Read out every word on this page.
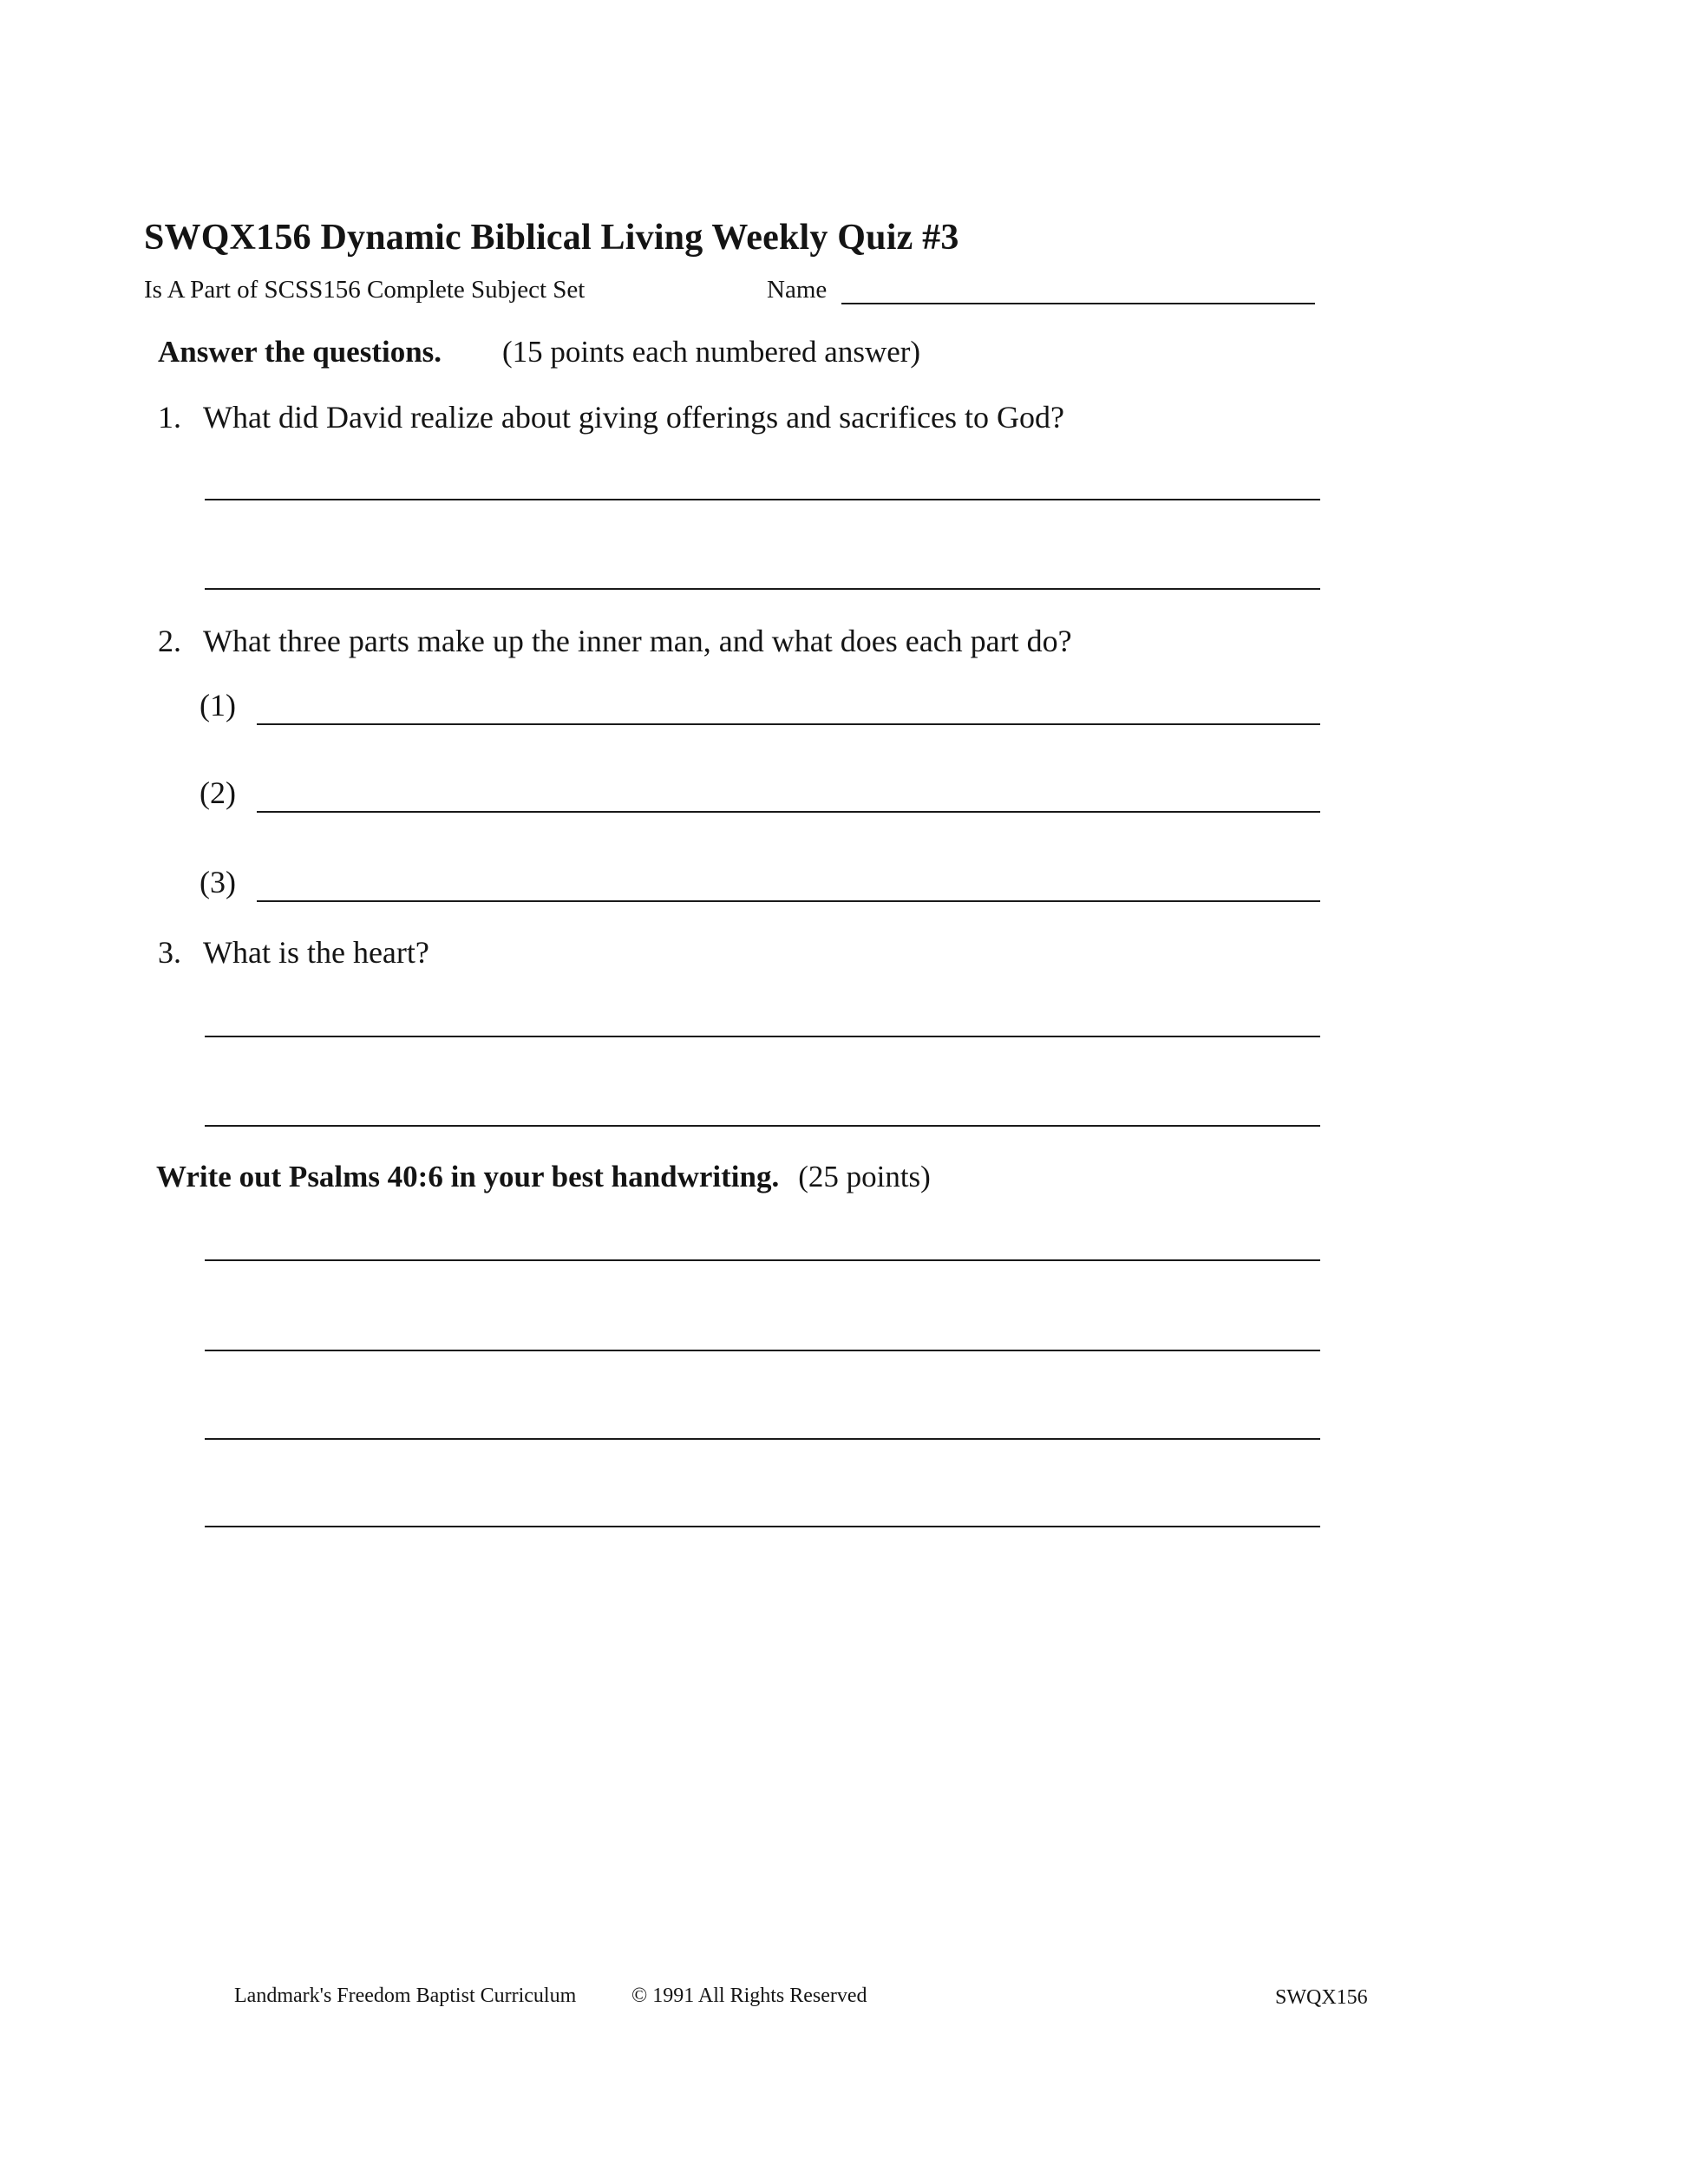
SWQX156 Dynamic Biblical Living Weekly Quiz #3
Is A Part of SCSS156 Complete Subject Set	Name
Answer the questions. (15 points each numbered answer)
1. What did David realize about giving offerings and sacrifices to God?
2. What three parts make up the inner man, and what does each part do?
(1)
(2)
(3)
3. What is the heart?
Write out Psalms 40:6 in your best handwriting. (25 points)
Landmark's Freedom Baptist Curriculum	© 1991 All Rights Reserved	SWQX156
